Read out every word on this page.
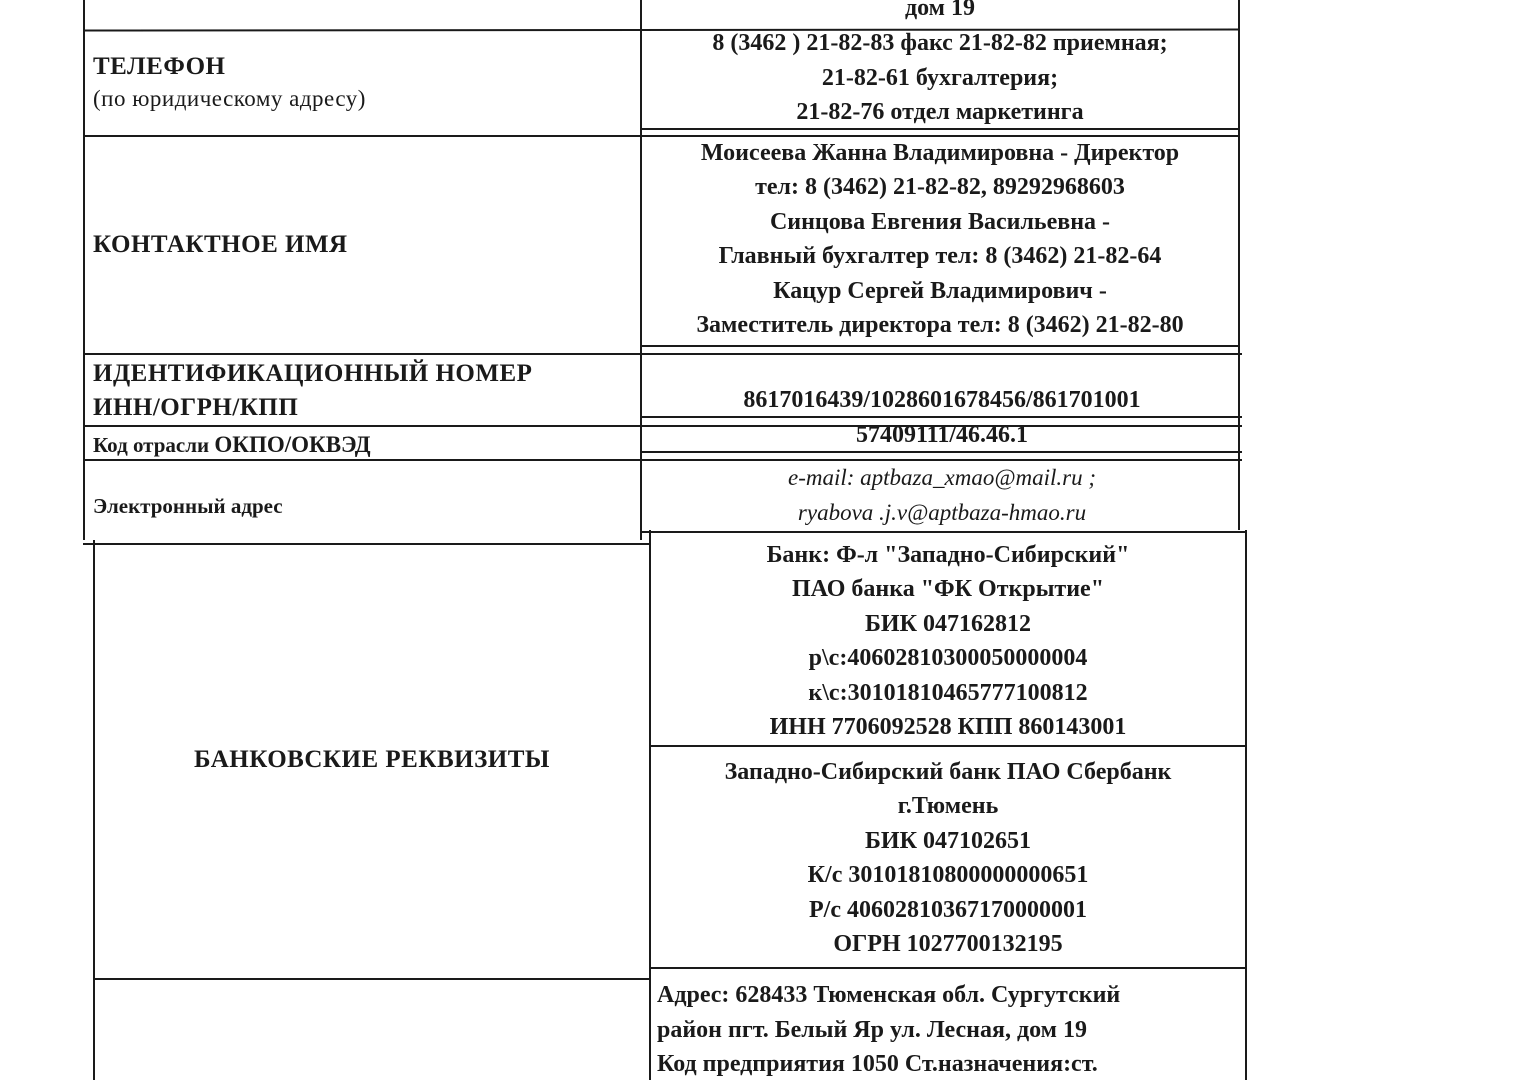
дом 19
ТЕЛЕФОН
(по юридическому адресу)
8 (3462 ) 21-82-83 факс 21-82-82 приемная;
21-82-61 бухгалтерия;
21-82-76 отдел маркетинга
КОНТАКТНОЕ ИМЯ
Моисеева Жанна Владимировна - Директор
тел: 8 (3462) 21-82-82, 89292968603
Синцова Евгения Васильевна -
Главный бухгалтер тел: 8 (3462) 21-82-64
Кацур Сергей Владимирович -
Заместитель директора тел: 8 (3462) 21-82-80
ИДЕНТИФИКАЦИОННЫЙ НОМЕР
ИНН/ОГРН/КПП	8617016439/1028601678456/861701001
Код отрасли ОКПО/ОКВЭД	57409111/46.46.1
Электронный адрес
e-mail: aptbaza_xmao@mail.ru ;
ryabova .j.v@aptbaza-hmao.ru
БАНКОВСКИЕ РЕКВИЗИТЫ
Банк: Ф-л "Западно-Сибирский"
ПАО банка "ФК Открытие"
БИК 047162812
р\с:40602810300050000004
к\с:30101810465777100812
ИНН 7706092528 КПП 860143001
Западно-Сибирский банк ПАО Сбербанк
г.Тюмень
БИК 047102651
К/с 30101810800000000651
Р/с 40602810367170000001
ОГРН 1027700132195
Адрес: 628433 Тюменская обл. Сургутский
район пгт. Белый Яр ул. Лесная, дом 19
Код предприятия 1050 Ст.назначения:ст.
